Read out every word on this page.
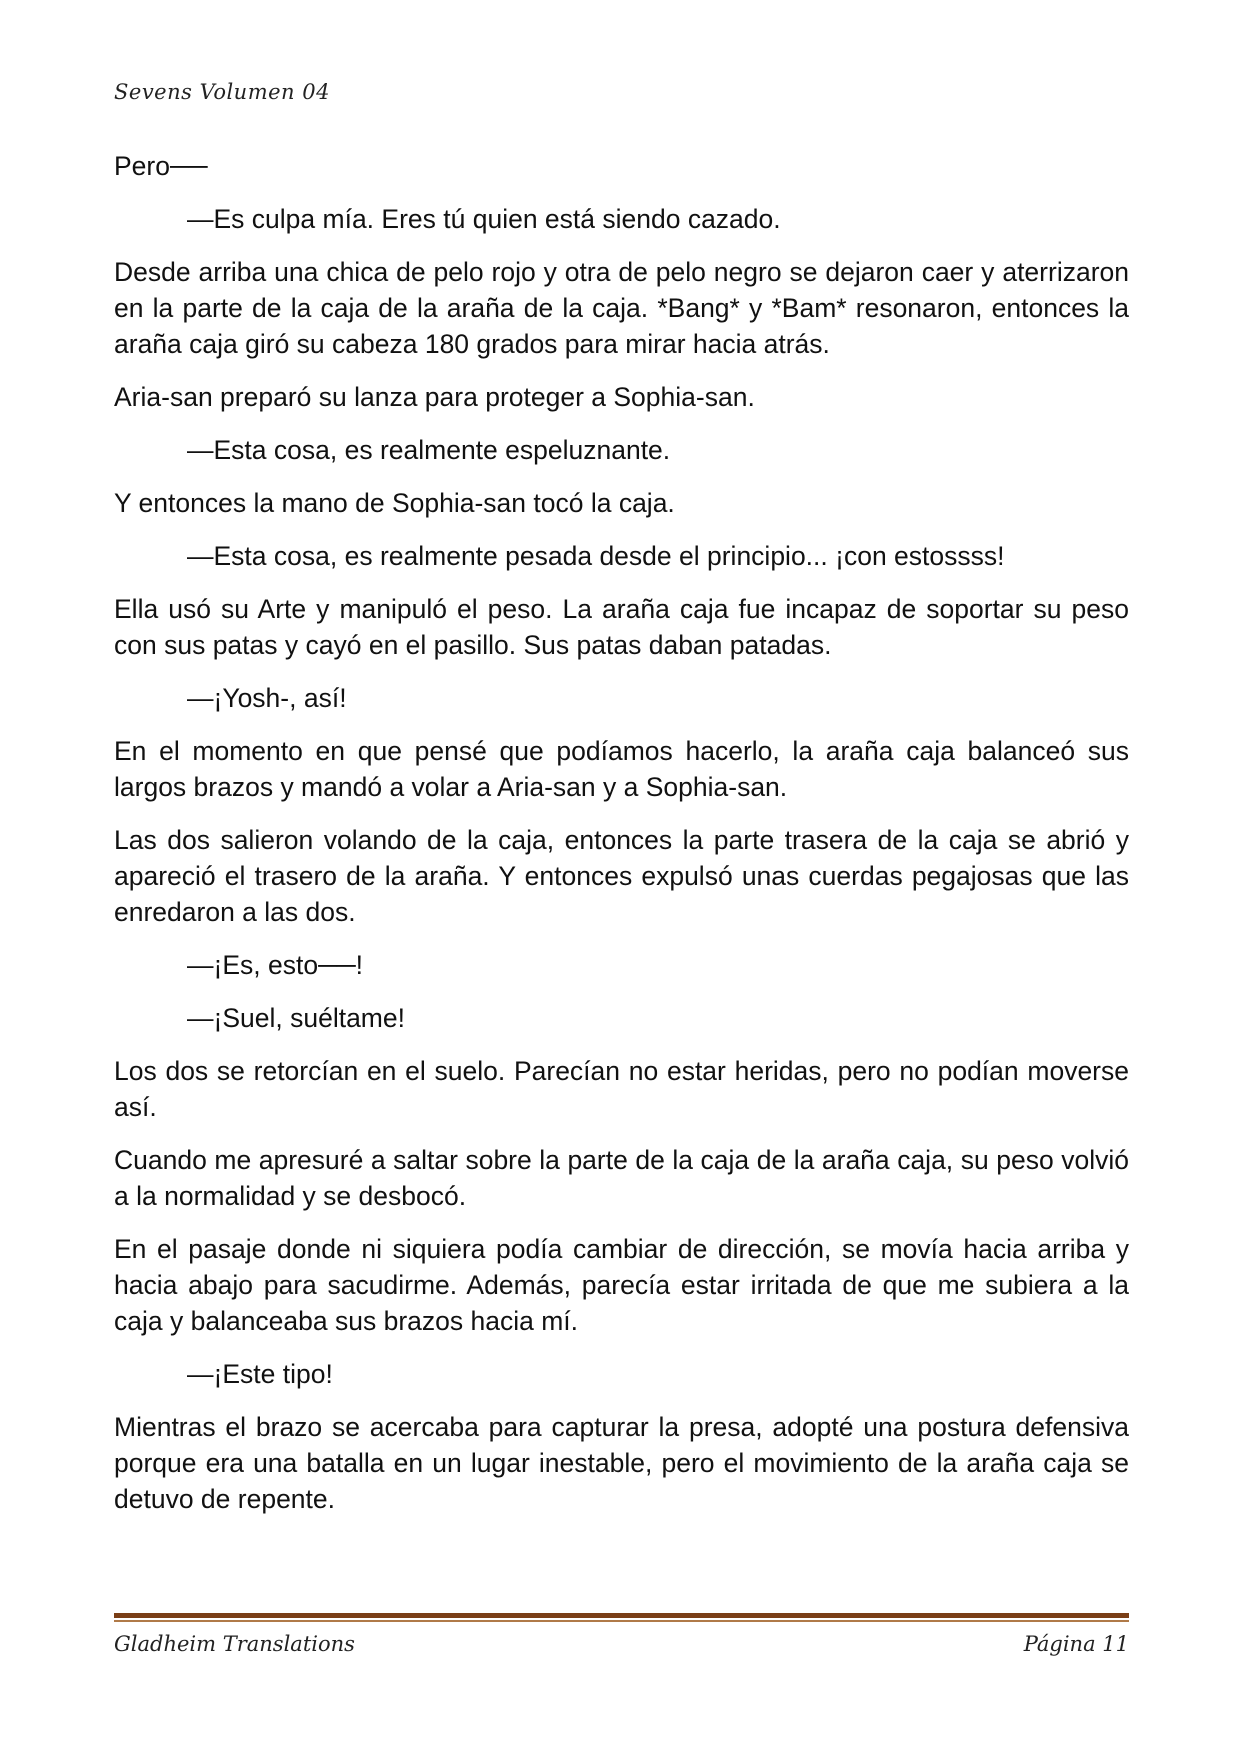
Sevens Volumen 04

Pero──

—Es culpa mía. Eres tú quien está siendo cazado.

Desde arriba una chica de pelo rojo y otra de pelo negro se dejaron caer y aterrizaron en la parte de la caja de la araña de la caja. *Bang* y *Bam* resonaron, entonces la araña caja giró su cabeza 180 grados para mirar hacia atrás.

Aria-san preparó su lanza para proteger a Sophia-san.

—Esta cosa, es realmente espeluznante.

Y entonces la mano de Sophia-san tocó la caja.

—Esta cosa, es realmente pesada desde el principio... ¡con estossss!

Ella usó su Arte y manipuló el peso. La araña caja fue incapaz de soportar su peso con sus patas y cayó en el pasillo. Sus patas daban patadas.

—¡Yosh-, así!

En el momento en que pensé que podíamos hacerlo, la araña caja balanceó sus largos brazos y mandó a volar a Aria-san y a Sophia-san.

Las dos salieron volando de la caja, entonces la parte trasera de la caja se abrió y apareció el trasero de la araña. Y entonces expulsó unas cuerdas pegajosas que las enredaron a las dos.

—¡Es, esto──!

—¡Suel, suéltame!

Los dos se retorcían en el suelo. Parecían no estar heridas, pero no podían moverse así.

Cuando me apresuré a saltar sobre la parte de la caja de la araña caja, su peso volvió a la normalidad y se desbocó.

En el pasaje donde ni siquiera podía cambiar de dirección, se movía hacia arriba y hacia abajo para sacudirme. Además, parecía estar irritada de que me subiera a la caja y balanceaba sus brazos hacia mí.

—¡Este tipo!

Mientras el brazo se acercaba para capturar la presa, adopté una postura defensiva porque era una batalla en un lugar inestable, pero el movimiento de la araña caja se detuvo de repente.

Gladheim Translations	Página 11
